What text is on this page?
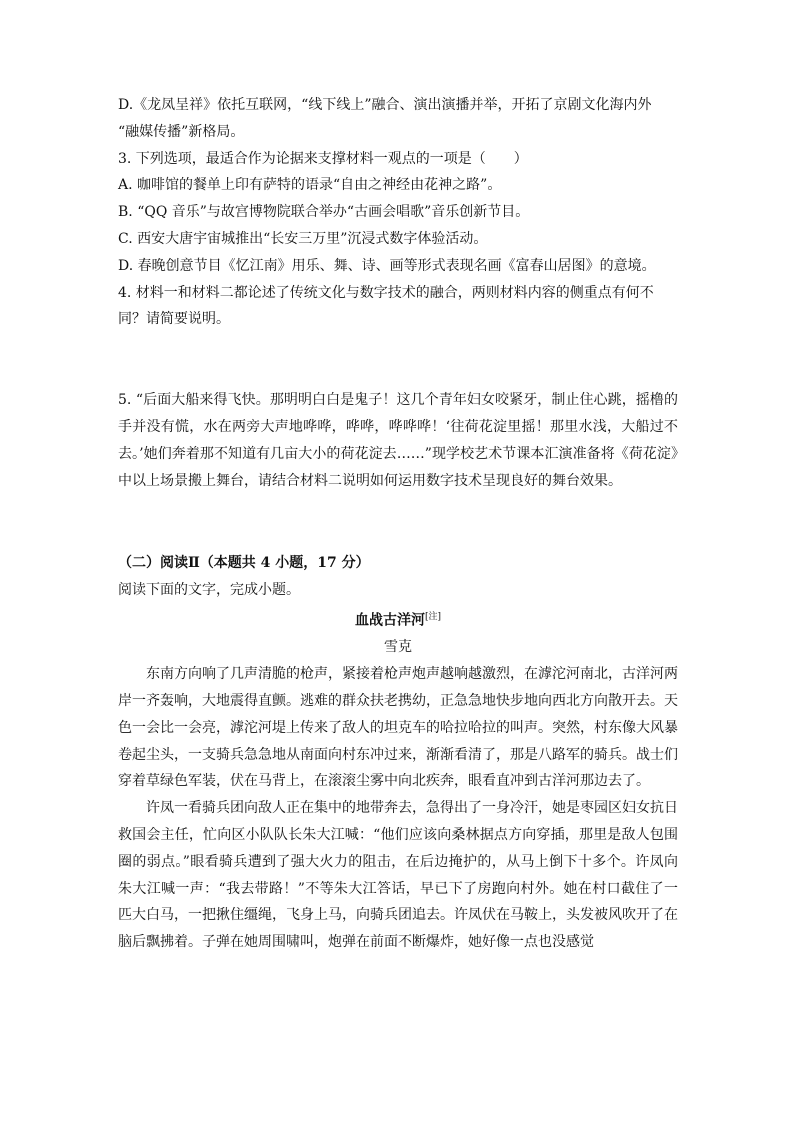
D.《龙凤呈祥》依托互联网，“线下线上”融合、演出演播并举，开拓了京剧文化海内外

“融媒传播”新格局。

3. 下列选项，最适合作为论据来支撑材料一观点的一项是（　　）

A. 咖啡馆的餐单上印有萨特的语录“自由之神经由花神之路”。

B. “QQ 音乐”与故宫博物院联合举办“古画会唱歌”音乐创新节目。

C. 西安大唐宇宙城推出“长安三万里”沉浸式数字体验活动。

D. 春晚创意节目《忆江南》用乐、舞、诗、画等形式表现名画《富春山居图》的意境。

4. 材料一和材料二都论述了传统文化与数字技术的融合，两则材料内容的侧重点有何不

同？请简要说明。

5. “后面大船来得飞快。那明明白白是鬼子！这几个青年妇女咬紧牙，制止住心跳，摇橹的手并没有慌，水在两旁大声地哗哗，哗哗，哗哗哗！‘往荷花淀里摇！那里水浅，大船过不去。’她们奔着那不知道有几亩大小的荷花淀去……”现学校艺术节课本汇演准备将《荷花淀》中以上场景搬上舞台，请结合材料二说明如何运用数字技术呈现良好的舞台效果。

（二）阅读Ⅱ（本题共 4 小题，17 分）

阅读下面的文字，完成小题。

血战古洋河[注]

雪克

东南方向响了几声清脆的枪声，紧接着枪声炮声越响越激烈，在滹沱河南北，古洋河两岸一齐轰响，大地震得直颤。逃难的群众扶老携幼，正急急地快步地向西北方向散开去。天色一会比一会亮，滹沱河堤上传来了敌人的坦克车的哈拉哈拉的叫声。突然，村东像大风暴卷起尘头，一支骑兵急急地从南面向村东冲过来，渐渐看清了，那是八路军的骑兵。战士们穿着草绿色军装，伏在马背上，在滚滚尘雾中向北疾奔，眼看直冲到古洋河那边去了。

许凤一看骑兵团向敌人正在集中的地带奔去，急得出了一身冷汗，她是枣园区妇女抗日救国会主任，忙向区小队队长朱大江喊：“他们应该向桑林据点方向穿插，那里是敌人包围圈的弱点。”眼看骑兵遭到了强大火力的阻击，在后边掩护的，从马上倒下十多个。许凤向朱大江喊一声：“我去带路！”不等朱大江答话，早已下了房跑向村外。她在村口截住了一匹大白马，一把揪住缰绳，飞身上马，向骑兵团追去。许凤伏在马鞍上，头发被风吹开了在脑后飘拂着。子弹在她周围啸叫，炮弹在前面不断爆炸，她好像一点也没感觉
